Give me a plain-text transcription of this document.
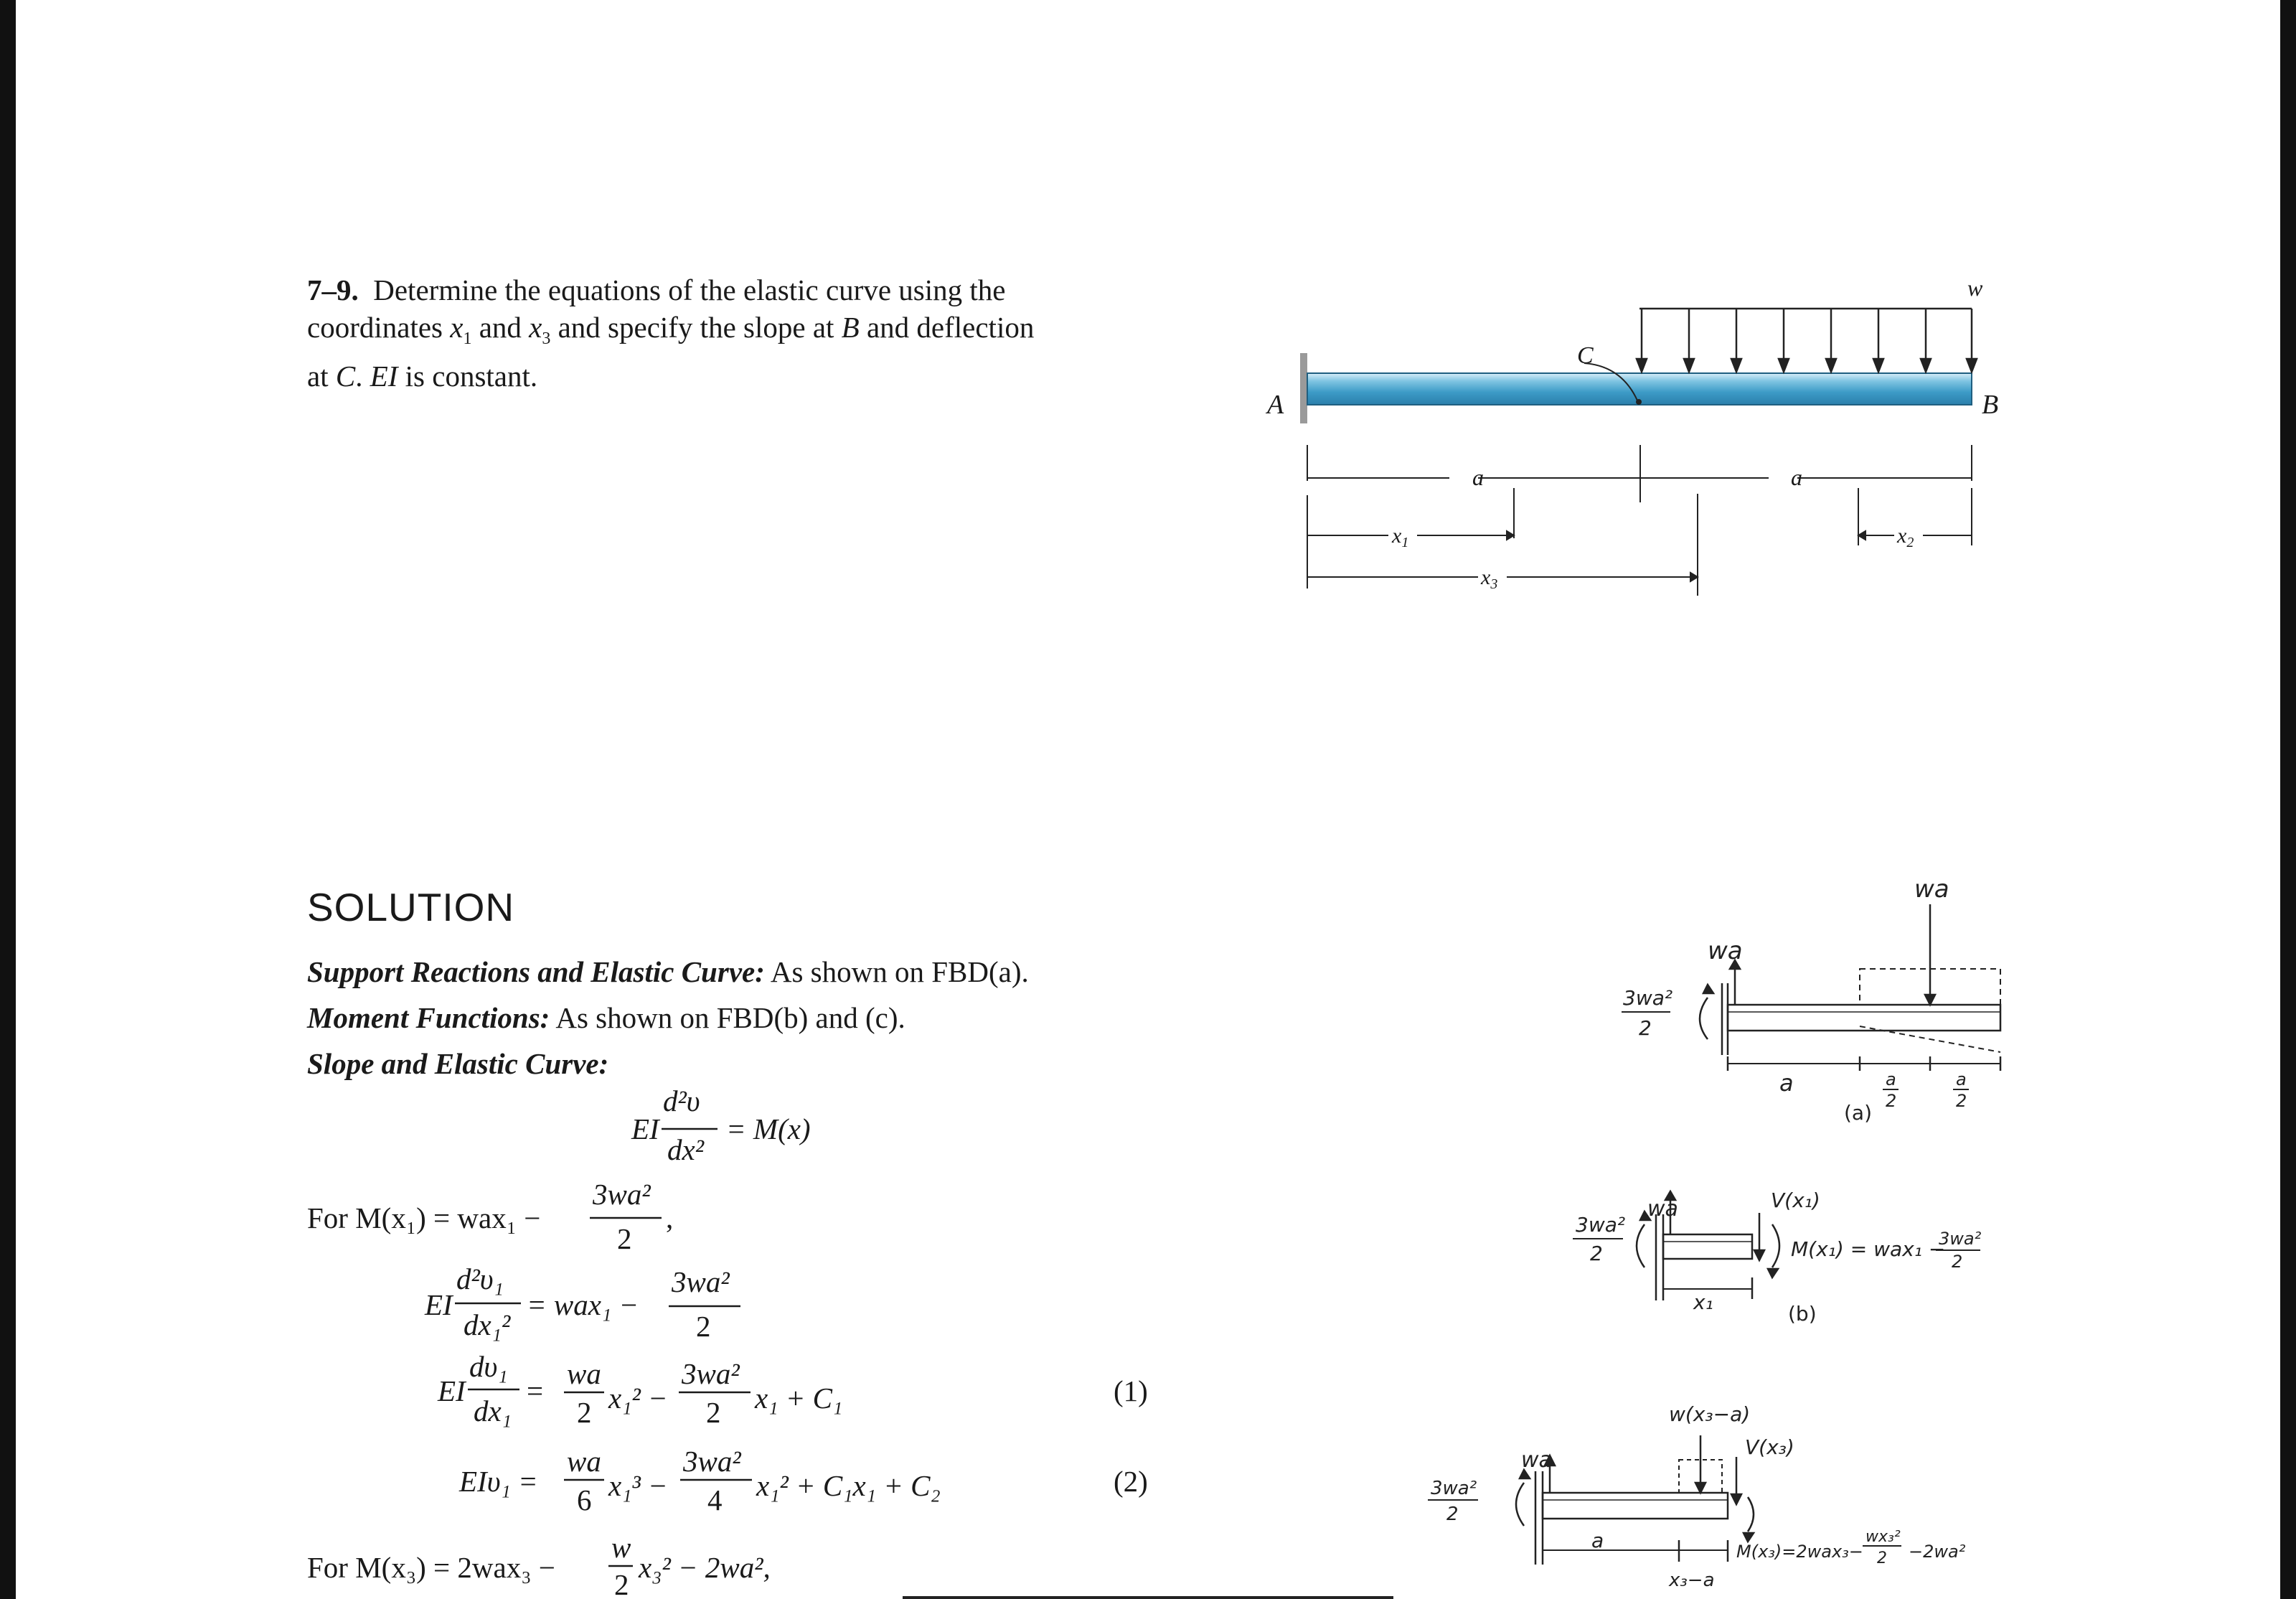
7–9. Determine the equations of the elastic curve using the
coordinates $x_1$ and $x_3$ and specify the slope at B and deflection
at C. EI is constant.
w
C
A	B
a	a
$x_1$
$x_3$
$x_2$
SOLUTION
Support Reactions and Elastic Curve: As shown on FBD(a).
Moment Functions: As shown on FBD(b) and (c).
Slope and Elastic Curve:
EI
d²υ
dx²
= M(x)
For M(x₁) = wax₁ −
3wa²
2
,
EI
d²υ₁
dx₁²
= wax₁ −
3wa²
2
EI
dυ₁
dx₁
=
wa
2 x₁² −
3wa²
2 x₁ + C₁	(1)
EIυ₁ =
wa
6 x₁³ −
3wa²
4 x₁² + C₁x₁ + C₂	(2)
For M(x₃) = 2wax₃ −
w
2
x₃² − 2wa²,
wa
wa
3wa²
2
a	a
2
a
2
(a)
3wa²
2
wa	V(x₁)
M(x₁) = wax₁ −
3wa²
2
x₁	(b)
w(x₃−a)
V(x₃)
3wa²
2
wa
a
x₃−a
M(x₃)=2wax₃−
wx₃²
2 −2wa²
